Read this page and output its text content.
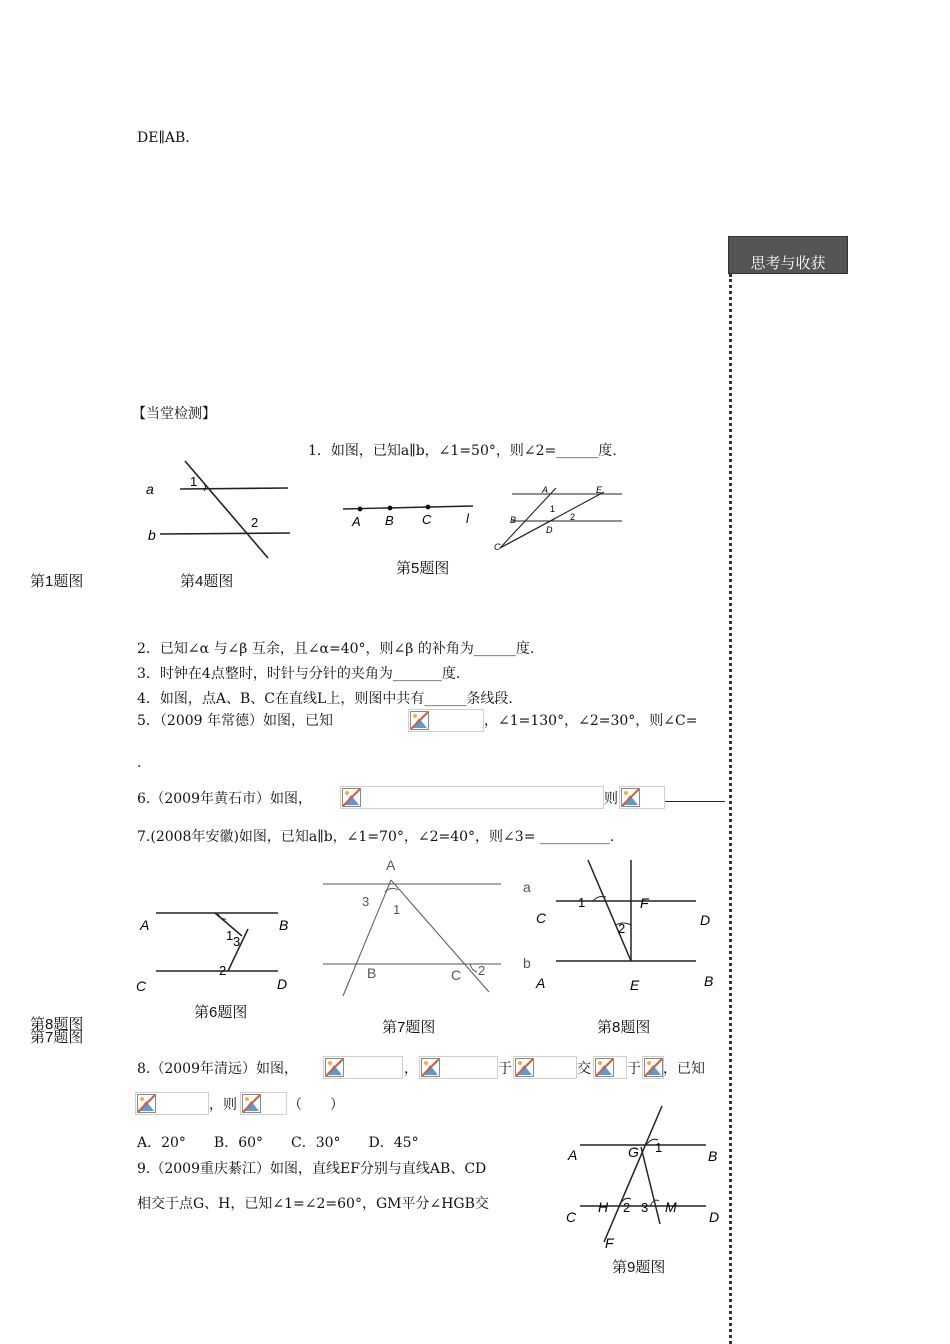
DE∥AB.
思考与收获
【当堂检测】
1．如图，已知a∥b，∠1=50°，则∠2=______度.
a
b
1
2	A B C	l
A	E
B
1
2
D
C
第5题图
第1题图	第4题图
2．已知∠α 与∠β 互余，且∠α=40°，则∠β 的补角为______度.
3．时钟在4点整时，时针与分针的夹角为_______度.
4．如图，点A、B、C在直线L上，则图中共有______条线段.
5．（2009 年常德）如图，已知	，∠1=130°，∠2=30°，则∠C=
.
6.（2009年黄石市）如图，	则
7.(2008年安徽)如图，已知a∥b，∠1=70°，∠2=40°，则∠3= __________.
A	B
C	D
1 3
2
第6题图
A
a
b
B	C
1
2
3
第7题图
C	D
A	B
E
F
1
2
第8题图
第8题图
第7题图
8.（2009年清远）如图，	，	于	交	于 ，已知
，则	（　　）
A．20°　　B．60°　　C．30°　　D．45°
9.（2009重庆綦江）如图，直线EF分别与直线AB、CD
相交于点G、H，已知∠1=∠2=60°，GM平分∠HGB交
A	G 1
B
C
H 2 3 M
D
F
第9题图
